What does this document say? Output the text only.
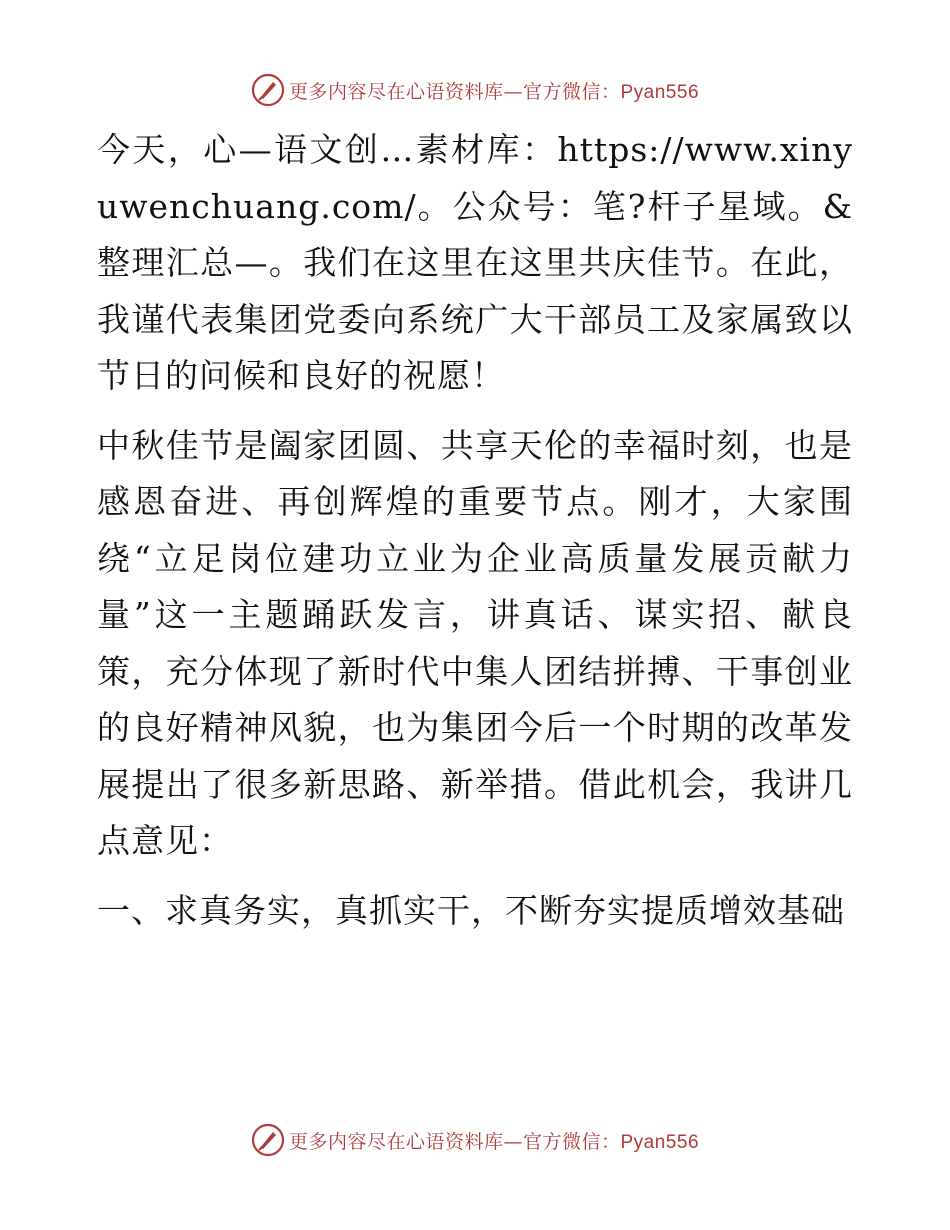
更多内容尽在心语资料库—官方微信：Pyan556

今天，心—语文创…素材库：https://www.xinyuwenchuang.com/。公众号：笔?杆子星域。&整理汇总—。我们在这里在这里共庆佳节。在此，我谨代表集团党委向系统广大干部员工及家属致以节日的问候和良好的祝愿！

中秋佳节是阖家团圆、共享天伦的幸福时刻，也是感恩奋进、再创辉煌的重要节点。刚才，大家围绕“立足岗位建功立业为企业高质量发展贡献力量”这一主题踊跃发言，讲真话、谋实招、献良策，充分体现了新时代中集人团结拼搏、干事创业的良好精神风貌，也为集团今后一个时期的改革发展提出了很多新思路、新举措。借此机会，我讲几点意见：

一、求真务实，真抓实干，不断夯实提质增效基础

更多内容尽在心语资料库—官方微信：Pyan556
